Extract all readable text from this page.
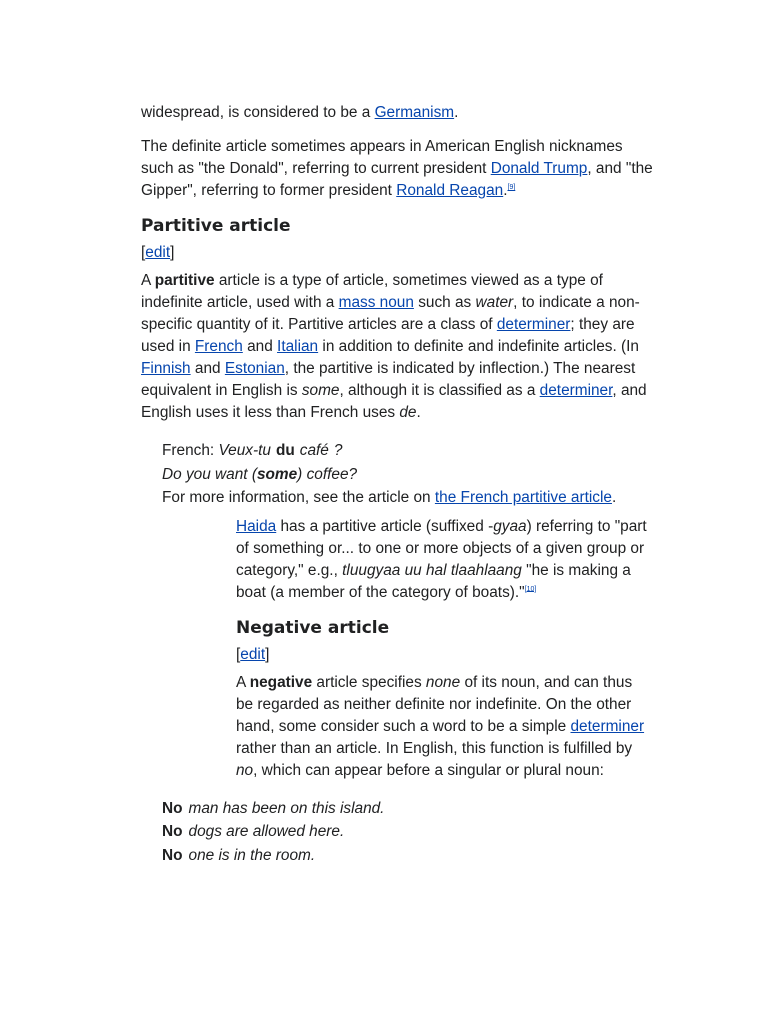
widespread, is considered to be a Germanism.

The definite article sometimes appears in American English nicknames such as "the Donald", referring to current president Donald Trump, and "the Gipper", referring to former president Ronald Reagan.[9]

Partitive article
[edit]

A partitive article is a type of article, sometimes viewed as a type of indefinite article, used with a mass noun such as water, to indicate a non-specific quantity of it. Partitive articles are a class of determiner; they are used in French and Italian in addition to definite and indefinite articles. (In Finnish and Estonian, the partitive is indicated by inflection.) The nearest equivalent in English is some, although it is classified as a determiner, and English uses it less than French uses de.

French: Veux-tu du café ?
Do you want (some) coffee?
For more information, see the article on the French partitive article.

Haida has a partitive article (suffixed -gyaa) referring to "part of something or... to one or more objects of a given group or category," e.g., tluugyaa uu hal tlaahlaang "he is making a boat (a member of the category of boats)."[10]

Negative article
[edit]

A negative article specifies none of its noun, and can thus be regarded as neither definite nor indefinite. On the other hand, some consider such a word to be a simple determiner rather than an article. In English, this function is fulfilled by no, which can appear before a singular or plural noun:

No man has been on this island.
No dogs are allowed here.
No one is in the room.
